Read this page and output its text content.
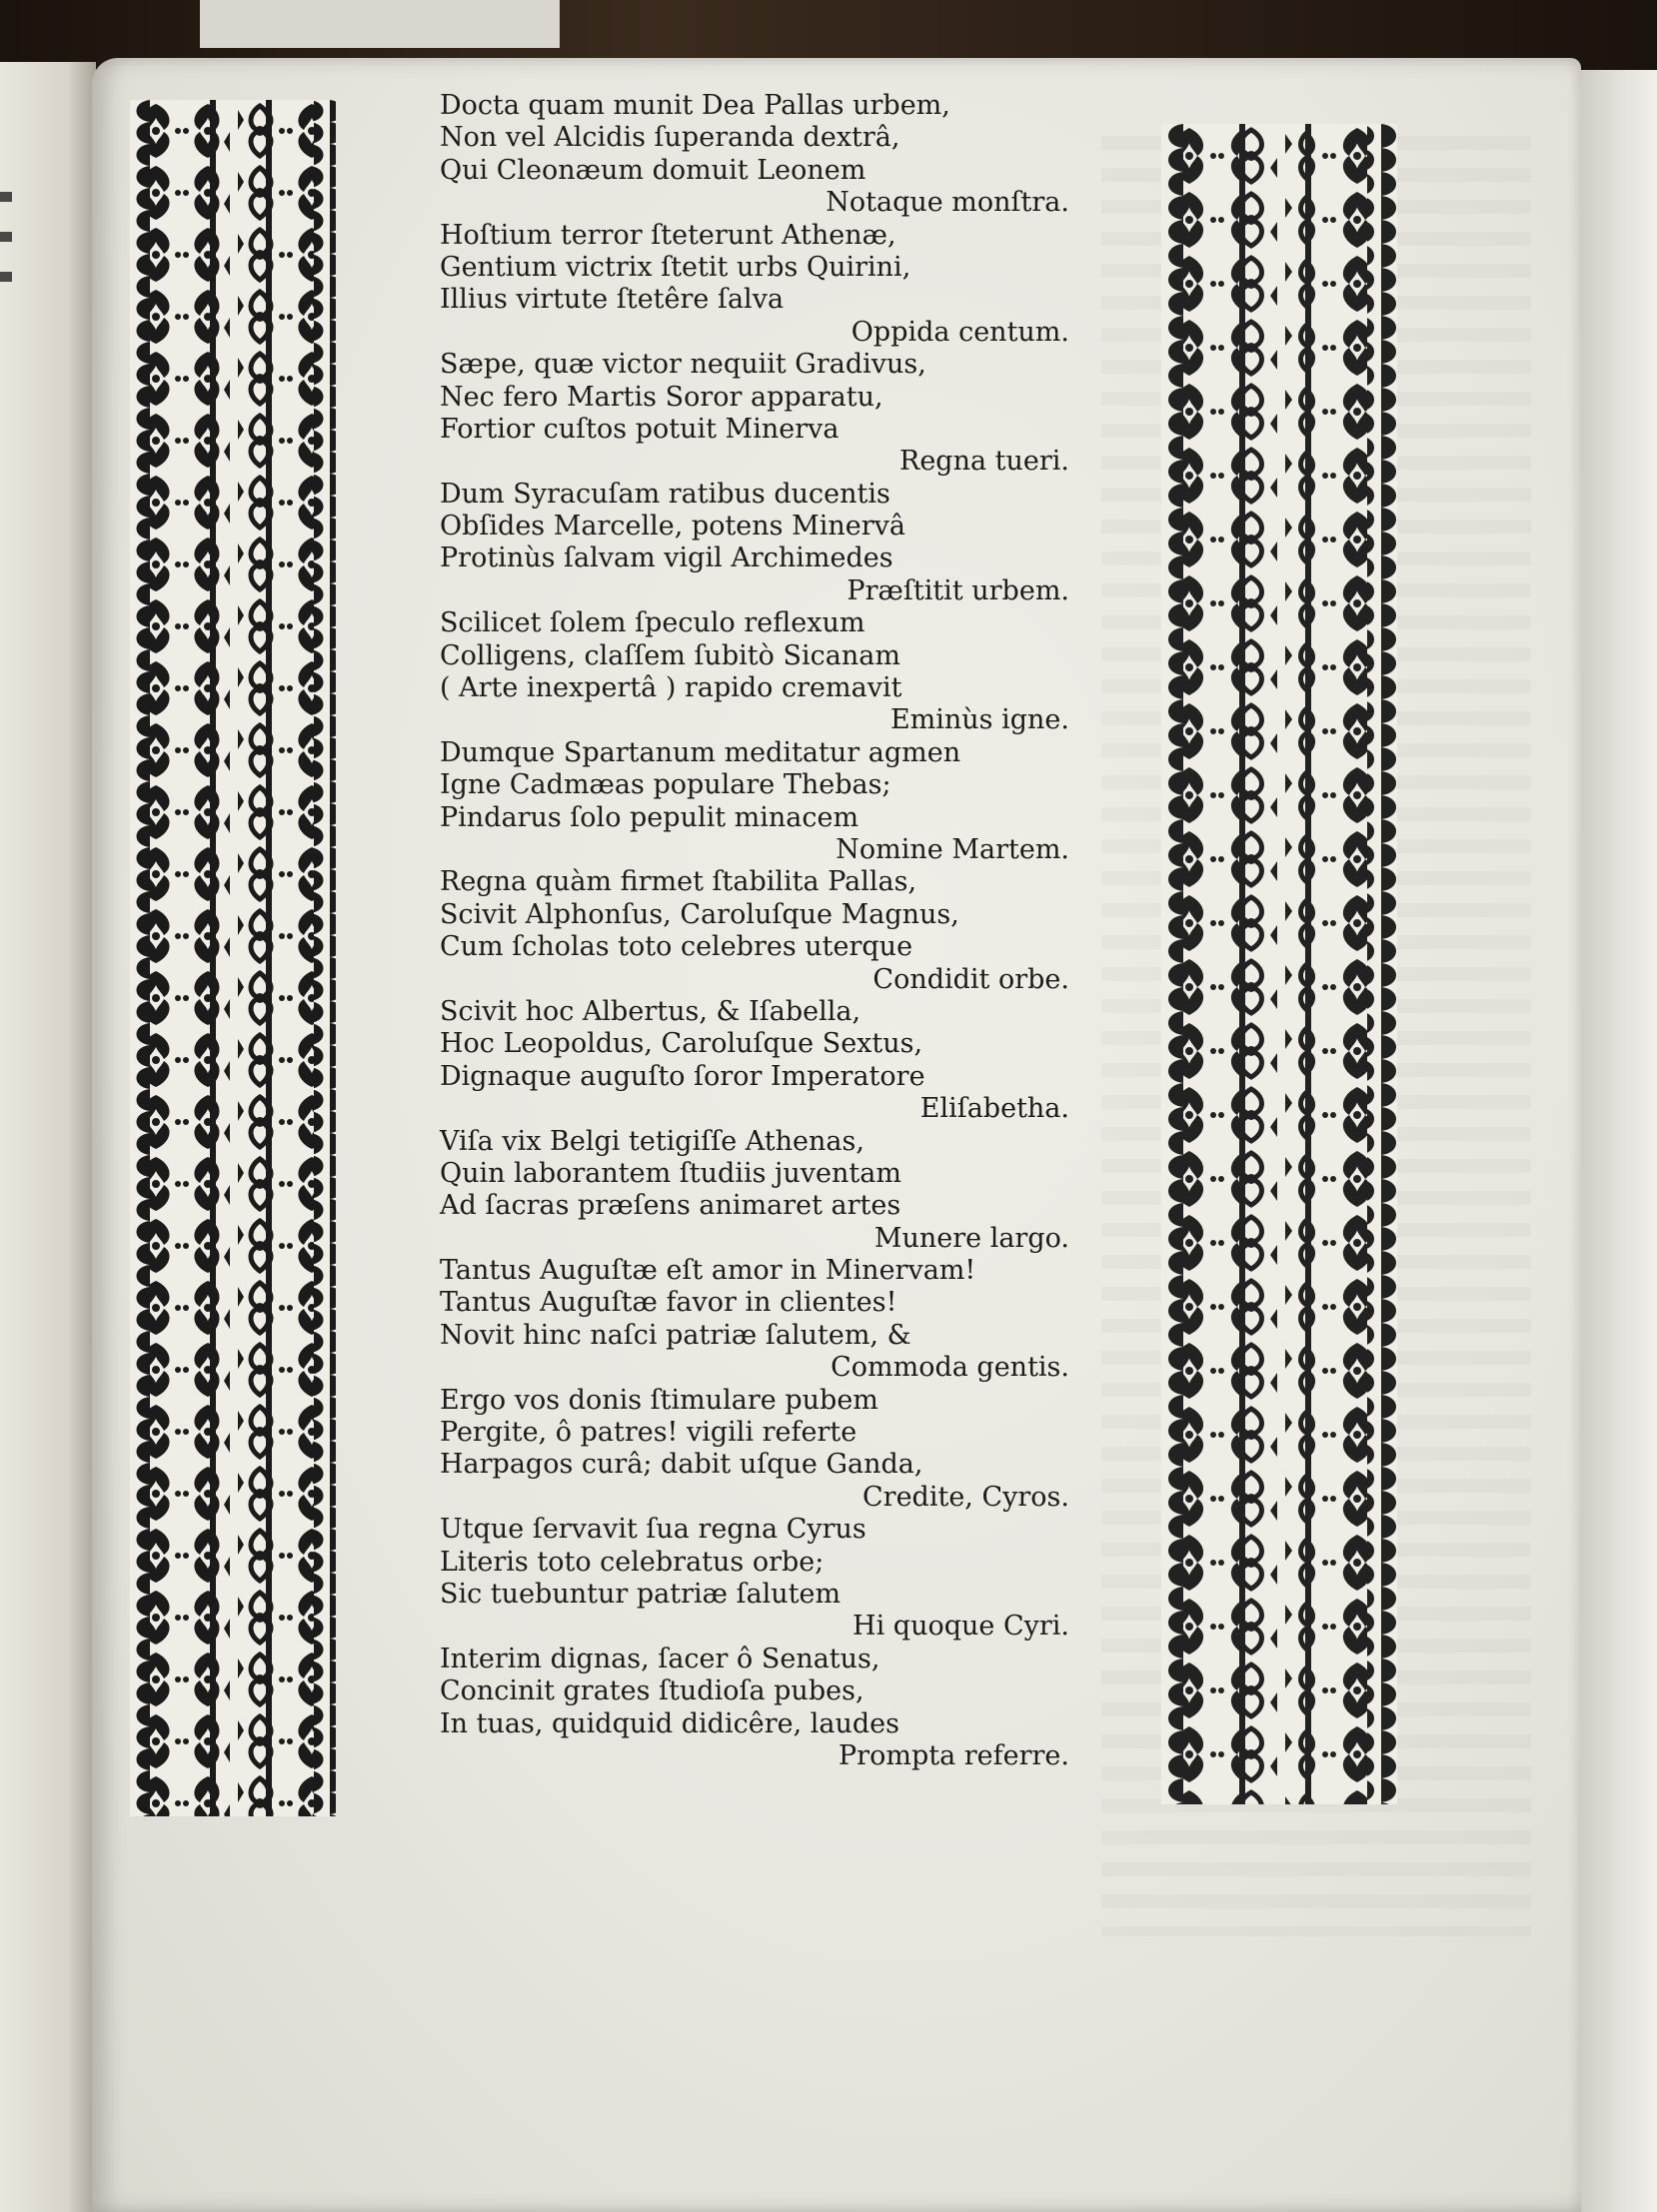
Docta quam munit Dea Pallas urbem,
Non vel Alcidis ſuperanda dextrâ,
Qui Cleonæum domuit Leonem
Notaque monſtra.
Hoſtium terror ſteterunt Athenæ,
Gentium victrix ſtetit urbs Quirini,
Illius virtute ſtetêre ſalva
Oppida centum.
Sæpe, quæ victor nequiit Gradivus,
Nec fero Martis Soror apparatu,
Fortior cuſtos potuit Minerva
Regna tueri.
Dum Syracuſam ratibus ducentis
Obſides Marcelle, potens Minervâ
Protinùs ſalvam vigil Archimedes
Præſtitit urbem.
Scilicet ſolem ſpeculo reflexum
Colligens, claſſem ſubitò Sicanam
( Arte inexpertâ ) rapido cremavit
Eminùs igne.
Dumque Spartanum meditatur agmen
Igne Cadmæas populare Thebas;
Pindarus ſolo pepulit minacem
Nomine Martem.
Regna quàm firmet ſtabilita Pallas,
Scivit Alphonſus, Caroluſque Magnus,
Cum ſcholas toto celebres uterque
Condidit orbe.
Scivit hoc Albertus, & Iſabella,
Hoc Leopoldus, Caroluſque Sextus,
Dignaque auguſto ſoror Imperatore
Eliſabetha.
Viſa vix Belgi tetigiſſe Athenas,
Quin laborantem ſtudiis juventam
Ad ſacras præſens animaret artes
Munere largo.
Tantus Auguſtæ eſt amor in Minervam!
Tantus Auguſtæ favor in clientes!
Novit hinc naſci patriæ ſalutem, &
Commoda gentis.
Ergo vos donis ſtimulare pubem
Pergite, ô patres! vigili referte
Harpagos curâ; dabit uſque Ganda,
Credite, Cyros.
Utque ſervavit ſua regna Cyrus
Literis toto celebratus orbe;
Sic tuebuntur patriæ ſalutem
Hi quoque Cyri.
Interim dignas, ſacer ô Senatus,
Concinit grates ſtudioſa pubes,
In tuas, quidquid didicêre, laudes
Prompta referre.
